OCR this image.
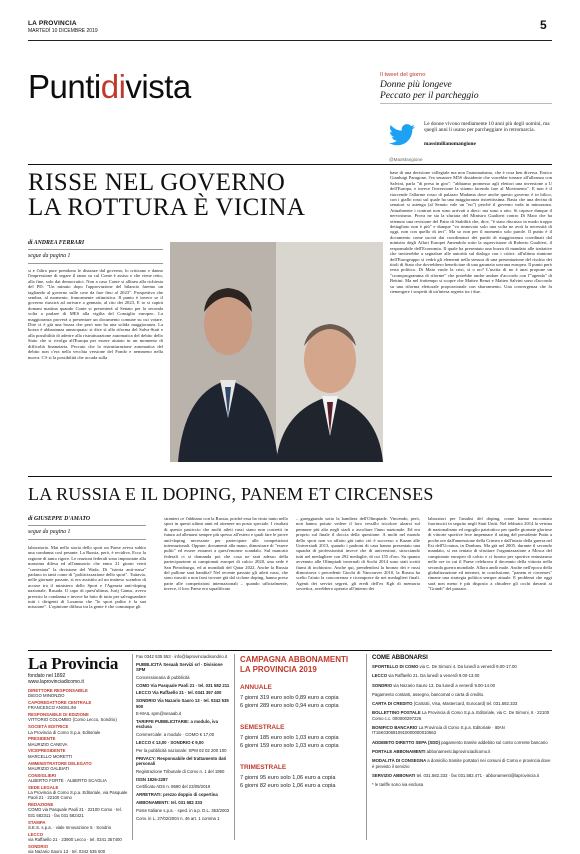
LA PROVINCIA
MARTEDÌ 10 DICEMBRE 2019	5
Puntidivista	Il tweet del giorno
Donne più longeve
Peccato per il parcheggio
Le donne vivono mediamente 10 anni più degli uomini, ma quegli anni li usano per parcheggiare in retromarcia.
massimilianomangione
@MaxMangione
RISSE NEL GOVERNO
LA ROTTURA È VICINA
di ANDREA FERRARI
segue da pagina 1
si e l'altro pure prendono le distanze dal governo; lo criticano e danno l'impressione di segare il ramo su cul Conte è assiso e che viene retto, alla fine, solo dai democratici. Non a caso Conte si allinea alla richiesta del PD: "Un minuto dopo l'approvazione del bilancio faremo un tagliando al governo sulle cose da fare fino al 2023". Prospettiva che sembra, al momento, francamente ottimistica. Il punto è invece se il governo riuscirà ad arrivare a gennaio, al rito dei 2023, E io si capirà domani mattina quando Conte si presenterà al Senato per la seconda volta a parlare di MES alla vigilia del Consiglio europeo. La maggioranza proverà a presentare un documento comune su cui votare. Dire ci è già una bozza che però non ha una solida maggioranza. La bozza è abbastanza annacquata: si dice sì alla riforma del Salva-Stati e alla possibilità di aderire alla ristrutturazione automatica del debito dello Stato che si rivolga all'Europa per essere aiutato in un momento di difficoltà finanziaria. Peccato che la ristrutturazione automatica del debito non c'era nella vecchia versione del Fondo e nemmeno nella nuova. C'è si la possibilità che accada sulla
base di una decisione collegiale ma non l'automatismo, che è cosa ben diversa. Enrico Gianluigi Paragone, l'ex senatore M5S dissidente che vorrebbe tornare all'alleanza con Salvini, parla "di presa in giro": "abbiamo promesso agli elettori una inversione a U dell'Europa, e invece l'inversione la stiamo facendo fare al Movimento". E non è il riaccende l'allarme rosso di palazzo Madama dove anche questo governo è in bilico, con i giallo rossi sul quale ha una maggioranza ristrettissima. Basta che una decina di senatori si astenga (al Senato vale un "no") perché il governo vada in minoranza. Attualmente i contrari non sono arrivati a dieci: ma sono a otto. Si capisce dunque il nervosismo. Prova ne sia la sfuriata del Ministro Gualtieri contro Di Maio che ha ottenuto una revisione del Patto di Stabilità che, dice, "è stato discusso in modo troppo dettagliato non è più" e dunque "va rinnovato solo una volta ne avrà la necessità di oggi, non con quello di ieri". Ma so non per il momento solo parole. Il punto è il documento come uscirà dai coordinatori dei partiti di maggioranza coordinati dal ministro degli Affari Europei Amendola sotto la supervisione di Roberto Gualtieri, il responsabile dell'Economia. Il quale ha presentato una bozza di mandato alle trattative che inviterebbe a segnalare alle autorità sul dialogo con i critici: all'ultima riunione dell'Eurogruppo si vedrà gli elementi nella stesura di una presentazione del rischio dei titoli di Stato che dovrebbero beneficiare di una garanzia sovrana europea. Il punto però resta politico. Di Maio vuole la crisi, sì o no? L'uscita di no è anzi propone un "cronoprogramma di riforme" che potrebbe anche andare d'accordo con l'"agenda" di Bettini. Ma nel frattempo si scopre che Matteo Renzi e Matteo Salvini sono d'accordo su una riforma elettorale proporzionale con sbarramento. Una convergenza che fa riemergere i sospetti di un'intesa segreta tra i due.
LA RUSSIA E IL DOPING, PANEM ET CIRCENSES
di GIUSEPPE D'AMATO
segue da pagina 1
laboratorio. Mai nello storia dello sport un Paese aveva subìto una condanna così pesante. La Russia, però, è recidiva. Ecco la ragione di tanto rigore. Le reazioni federali sono improntate alla massima difesa ed all'annuncio che entro 21 giorni verrà "contestata" la decisione del Wada. Di "isteria anti-russa" parlano in tanti come di "politicizzazione dello sport". Tuttavia, nelle giornate passate, si era assistito ad un inatteso scambio di accuse tra il ministero dello Sport e l'Agenzia anti-doping nazionale, Rusada. Il capo di quest'ultima, Jurij Ganus, aveva previsto la condanna e invece ha fatto di tutto per salvaguardare tutti i dirigenti di Losanna che "lo sport pulito è la sua missione". L'opinione diffusa tra la gente è che comunque gli
stranieri ce l'abbiano con la Russia, poiché essa ha vinto tanto nello sport in questi ultimi anni ed ottenere un posto speciale. I risultati di questo pasticcio che molti atleti russi siano non costretti in futuro ad allenarsi sempre più spesso all'estero e quali fare le prove anti-doping necessarie per partecipare alle competizioni internazionali. Oppure, documenti alla mano, dimostrare di "essere puliti" ed essere estranei a quest'enorme scandalo. Sul mancato federali ci si domanda poi che cosa ne sarà adesso della partecipazione ai campionati europei di calcio 2020, una sede è San Pietroburgo, ed ai mondiali del Qatar 2022. Anche la Russia del pallone sarà bandita? Nel recente passato gli atleti russi, che sono riusciti a non farsi trovare già dal ciclone doping, hanno preso parte alle competizioni internazionali – quando ufficialmente, invece, il loro Paese era squalificato
– gareggiando sotto la bandiera dell'Olimpiade. Vincendo, però, non hanno potuto vedere il loro vessillo tricolore alzarsi sul pennone più alto negli stadi o ascoltare l'inno nazionale. Ed era proprio sul finale il doccia della questione. A molti nel mondo dello sport non va affatto giù tutto ciò è successo a Kazan alle Universiadi 2013, quando i padroni di casa hanno presentato una squadra di professionisti invece che di universitari, stracciando tutti nel medagliere con 292 medaglie, di cui 155 d'oro. Su quanto avvenuto alle Olimpiadi invernali di Sochi 2014 sono stati scritti fiumi di inchiostro. Anche qui, prendendosi la bronzo dei e russi dimostrava i precedenti Giochi di Vancouver 2010, la Russia ha scelto l'aiuto la concorrenza e ricomporre da nei medaglieri finali. Agenti dei servizi segreti, gli eredi dell'ex Kgb di memoria sovietica, avrebbero operato all'interno dei
laboratori per l'analisi del doping, come hanno raccontato fuoriusciti in seguito negli Stati Uniti. Nel febbraio 2014 la vetrina di nazionalismo ed orgoglio patriottico per quelle giornate gloriose di vittorie sportive fece impennare il rating del presidente Putin a poche ore dall'annessione della Crimea e dall'inizio della guerra nel Est dell'Ucraina, in Donbass. Ma già nel 2005, durante il secondo mandato, si era tentato di sfruttare l'organizzazione a Mosca del campionato europeo di calcio e ci furono per sportive entusiasmo nelle ore in cui il Paese celebrava il decennio della vittoria nella seconda guerra mondiale. Allora andò male. Anche nell'epoca della globalizzazione ed internet, in conclusione, "panem et circenses" rimane una strategia politica sempre attuale. E problemi che oggi sarà non meno è più disposto a chiudere gli occhi davanti ai "Grandi" del passato.
La Provincia
fondato nel 1892
www.laprovinciadicomo.it
DIRETTORE RESPONSABILE
DIEGO MINONZIO
CAPOREDATTORE CENTRALE
FRANCESCO ANGELINI
RESPONSABILE DI EDIZIONE
VITTORIO COLOMBO (Como Lecco, Sondrio)
SOCIETÀ EDITRICE
La Provincia di Como S.p.a. Editoriale
PRESIDENTE
MAURIZIO CANEVA
VICEPRESIDENTE
MARCELLO MORETTI
AMMINISTRATORE DELEGATO
MAURIZIO GALBIATI
CONSIGLIERI
ALBERTO FORTE · ALBERTO SCAGLIA
SEDE LEGALE
La Provincia di Como S.p.a. Editoriale, via Pasquale Paoli 21 · 22100 Como
REDAZIONE
COMO via Pasquale Paoli 21 · 22100 Como · tel. 031 582311 · fax 031 582421
STAMPA
S.E.S. s.p.a. · viale Innovazione 5 · Sondrio
LECCO
via Raffaello 21 · 23900 Lecco · tel. 0341 357400
SONDRIO
via Nazario Sauro 13 · tel. 0342 535 500
Fax 0342 535 553 · info@laprovinciadisondrio.it
PUBBLICITÀ Sesaab Servizi srl · Divisione SPM
Concessionaria di pubblicità
COMO Via Pasquale Paoli 21 · tel. 031 582 211
LECCO Via Raffaello 21 · tel. 0341 357 400
SONDRIO Via Nazario Sauro 13 · tel. 0342 535 500
E-MAIL spm@sesaab.it
TARIFFE PUBBLICITARIE: a modulo, iva esclusa
Commerciale: a modulo · COMO € 17,00
LECCO € 13,00 · SONDRIO € 9,00
Per la pubblicità nazionale: SPM 02 02 200 100
PRIVACY: Responsabile del trattamento dati personali
Registrazione Tribunale di Como n. 1 del 1950
ISSN 1826-2287
Certificato ADS n. 8690 del 23/09/2019
ARRETRATI: prezzo doppio di copertina
ABBONAMENTI: tel. 031 582 333
Poste Italiane s.p.a. · sped. in a.p. D.L. 353/2003
Conv. in L. 27/02/2004 n. 46 art. 1 comma 1
CAMPAGNA ABBONAMENTI
LA PROVINCIA 2019
ANNUALE
7 giorni 319 euro solo 0,89 euro a copia
6 giorni 289 euro solo 0,94 euro a copia
SEMESTRALE
7 giorni 185 euro solo 1,03 euro a copia
6 giorni 159 euro solo 1,03 euro a copia
TRIMESTRALE
7 giorni 95 euro solo 1,06 euro a copia
6 giorni 82 euro solo 1,06 euro a copia
COME ABBONARSI
SPORTELLO DI COMO via C. De Simoni 4. Da lunedì a venerdì 9.00-17.00
LECCO via Raffaello 21. Da lunedì a venerdì 9.00-13.00
SONDRIO via Nazario Sauro 13. Da lunedì a venerdì 9.00-14.00
Pagamento contanti, assegno, bancomat o carta di credito.
CARTA DI CREDITO (CartaSi, Visa, Mastercard, Eurocard) tel. 031.582.333
BOLLETTINO POSTALE La Provincia di Como S.p.a. Editoriale, via C. De Simoni, 6 · 22100 Como c.c. 000000297226
BONIFICO BANCARIO La Provincia di Como S.p.a. Editoriale · IBAN IT16K0306910910000000010663
ADDEBITO DIRETTO SEPA (SDD) pagamento tramite addebito sul conto corrente bancario
PORTALE ABBONAMENTI abbonamenti.laprovinciadicomo.it
MODALITÀ DI CONSEGNA a domicilio tramite portatori nei comuni di Como e provincia dove è previsto il servizio
SERVIZIO ABBONATI tel. 031.582.333 · fax 031.582.471 · abbonamenti@laprovincia.it
* le tariffe sono iva esclusa
